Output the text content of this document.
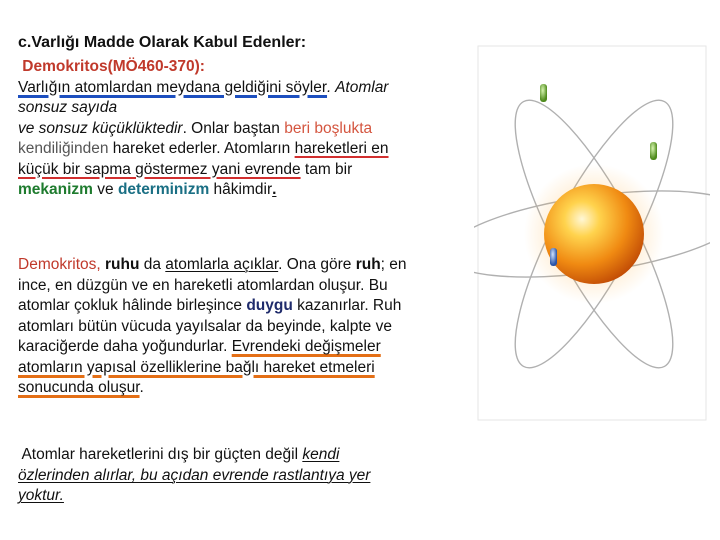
c.Varlığı Madde Olarak Kabul Edenler:
Demokritos(MÖ460-370):
Varlığın atomlardan meydana geldiğini söyler. Atomlar
sonsuz sayıda
ve sonsuz küçüklüktedir. Onlar baştan beri boşlukta
kendiliğinden hareket ederler. Atomların hareketleri en
küçük bir sapma göstermez yani evrende tam bir
mekanizm ve determinizm hâkimdir.
Demokritos, ruhu da atomlarla açıklar. Ona göre ruh; en
ince, en düzgün ve en hareketli atomlardan oluşur. Bu
atomlar çokluk hâlinde birleşince duygu kazanırlar. Ruh
atomları bütün vücuda yayılsalar da beyinde, kalpte ve
karaciğerde daha yoğundurlar. Evrendeki değişmeler
atomların yapısal özelliklerine bağlı hareket etmeleri
sonucunda oluşur.
Atomlar hareketlerini dış bir güçten değil kendi
özlerinden alırlar, bu açıdan evrende rastlantıya yer
yoktur.
